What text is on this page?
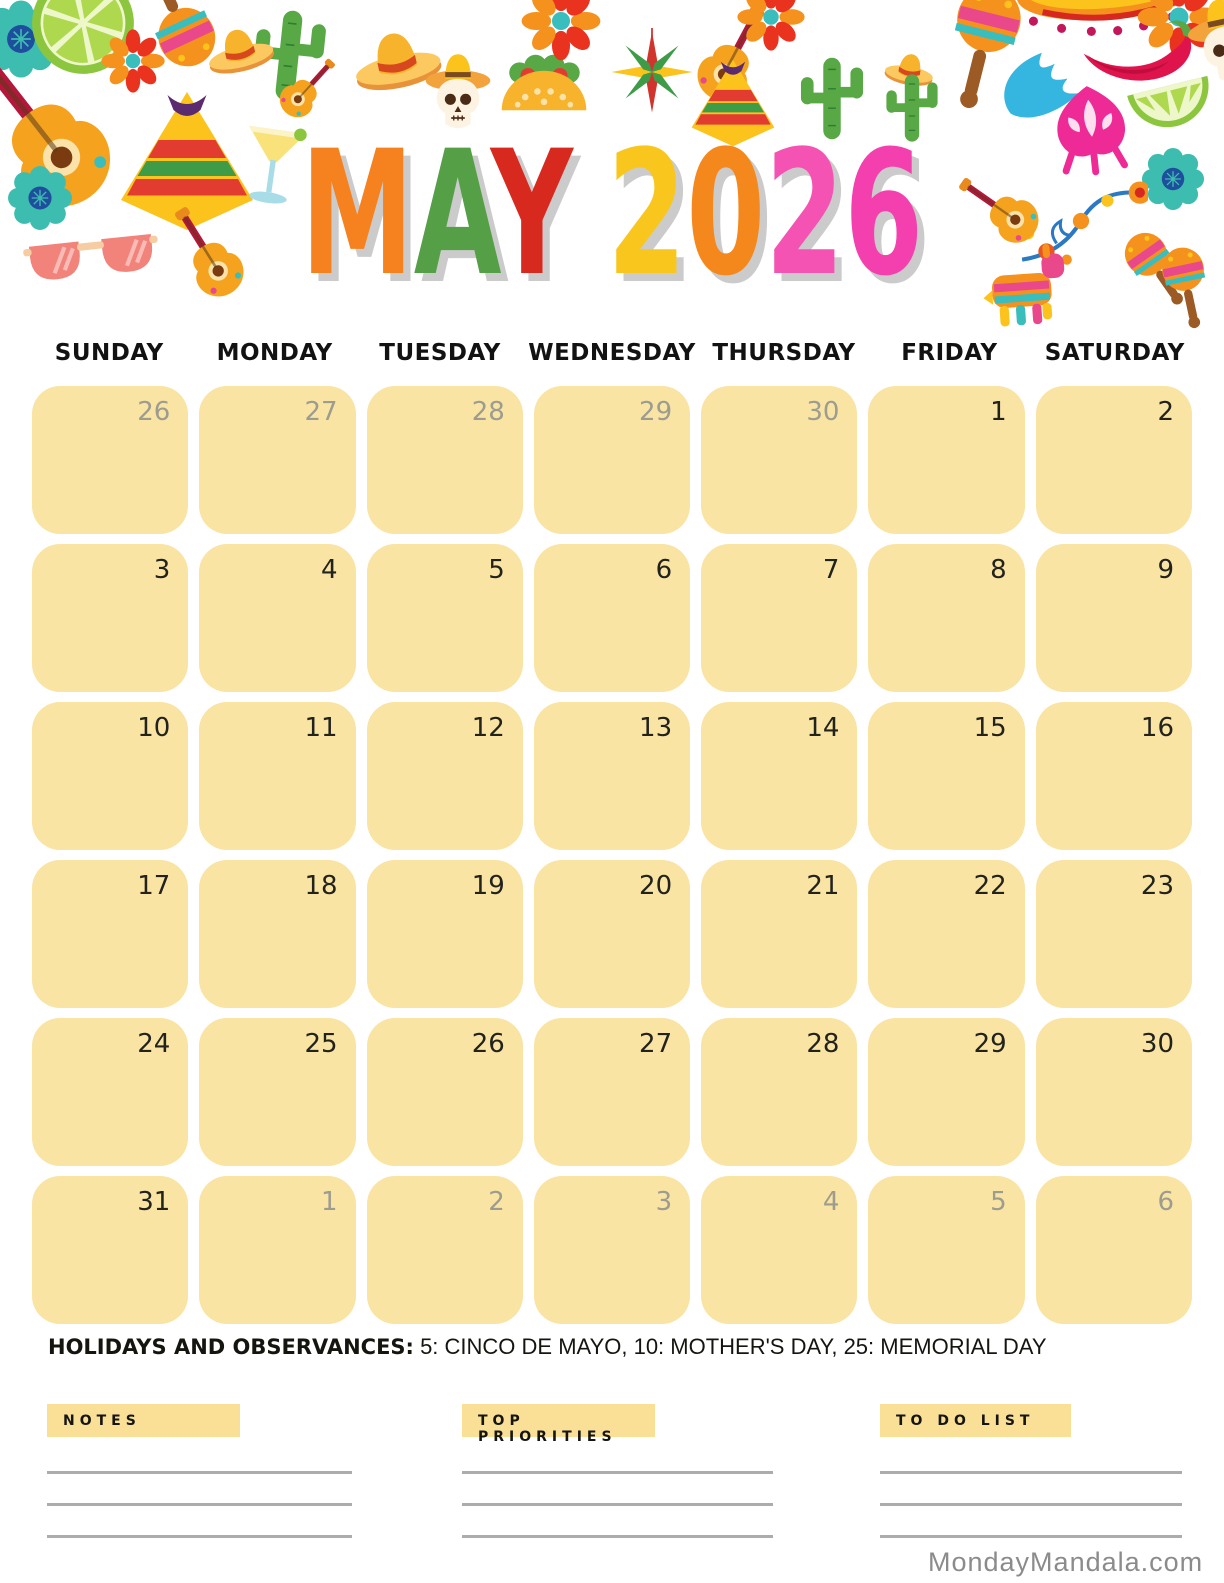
MAY 2026
SUNDAY	MONDAY	TUESDAY	WEDNESDAY THURSDAY	FRIDAY	SATURDAY
26	27	28	29	30	1	2
3	4	5	6	7	8	9
10	11	12	13	14	15	16
17	18	19	20	21	22	23
24	25	26	27	28	29	30
31	1	2	3	4	5	6

HOLIDAYS AND OBSERVANCES: 5: CINCO DE MAYO, 10: MOTHER'S DAY, 25: MEMORIAL DAY

NOTES	TOP PRIORITIES
TO DO LIST
MondayMandala.com
